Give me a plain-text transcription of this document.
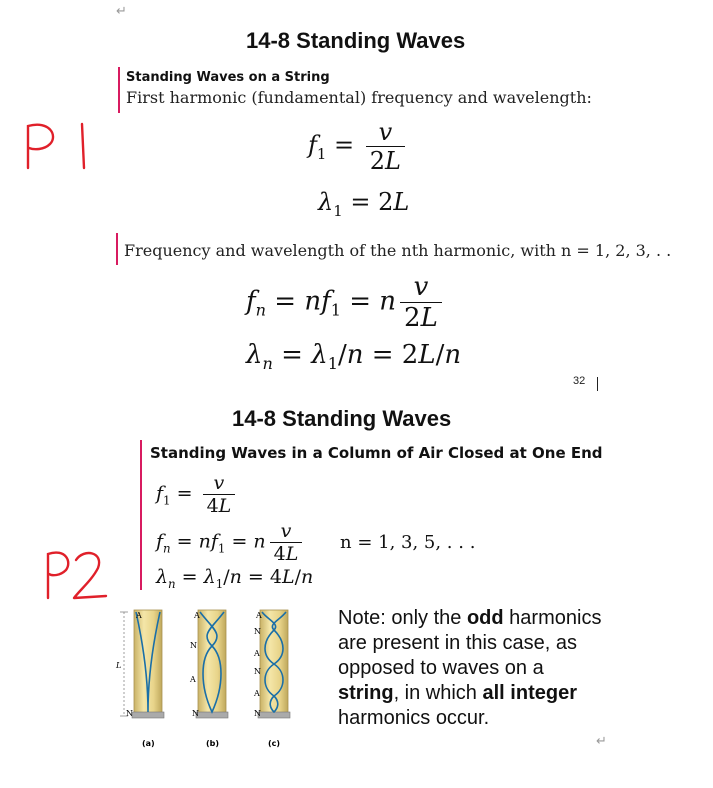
↵
14-8 Standing Waves
Standing Waves on a String
First harmonic (fundamental) frequency and wavelength:
$f_1 = \frac{v}{2L}$
$\lambda_1 = 2L$
Frequency and wavelength of the nth harmonic, with n = 1, 2, 3, . .
$f_n = nf_1 = n \frac{v}{2L}$
$\lambda_n = \lambda_1/n = 2L/n$
32
14-8 Standing Waves
Standing Waves in a Column of Air Closed at One End
$f_1 = \frac{v}{4L}$
$f_n = nf_1 = n \frac{v}{4L}$ n = 1, 3, 5, . . .
$\lambda_n = \lambda_1/n = 4L/n$
A
N
A
N
A
N
A
N
A
N
A
N
L
(a)	(b)	(c)
Note: only the odd harmonics are present in this case, as opposed to waves on a string, in which all integer harmonics occur.
↵
